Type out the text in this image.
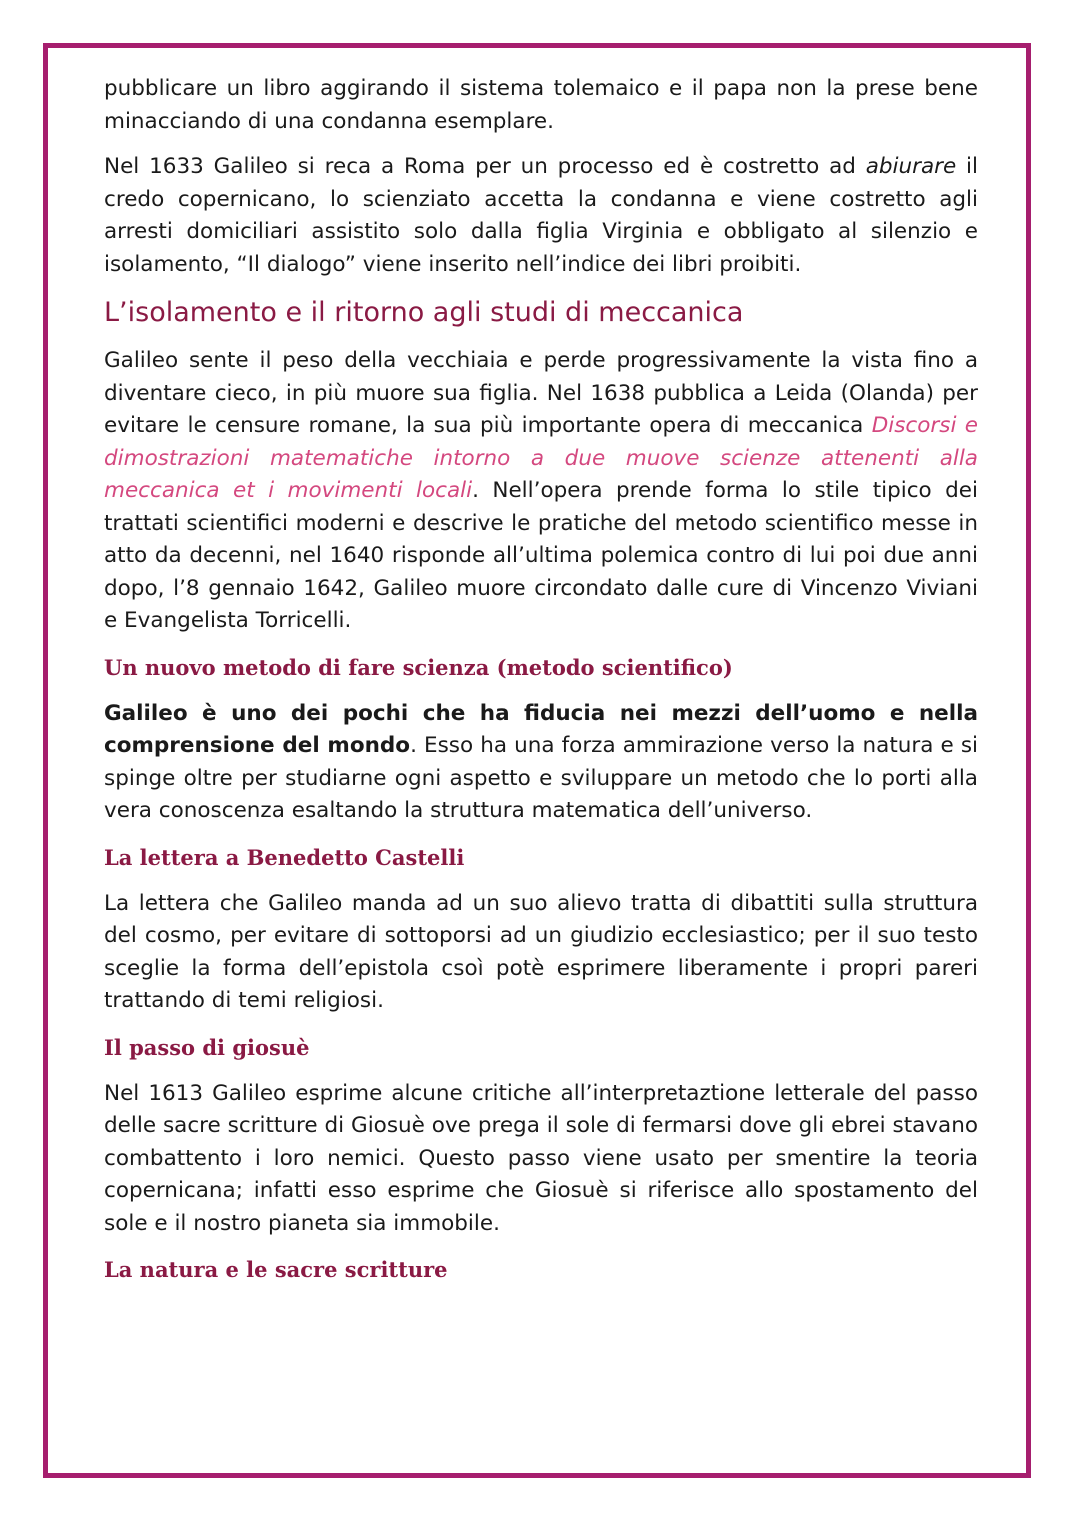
pubblicare un libro aggirando il sistema tolemaico e il papa non la prese bene minacciando di una condanna esemplare.

Nel 1633 Galileo si reca a Roma per un processo ed è costretto ad abiurare il credo copernicano, lo scienziato accetta la condanna e viene costretto agli arresti domiciliari assistito solo dalla figlia Virginia e obbligato al silenzio e isolamento, “Il dialogo” viene inserito nell’indice dei libri proibiti.

L’isolamento e il ritorno agli studi di meccanica

Galileo sente il peso della vecchiaia e perde progressivamente la vista fino a diventare cieco, in più muore sua figlia. Nel 1638 pubblica a Leida (Olanda) per evitare le censure romane, la sua più importante opera di meccanica Discorsi e dimostrazioni matematiche intorno a due muove scienze attenenti alla meccanica et i movimenti locali. Nell’opera prende forma lo stile tipico dei trattati scientifici moderni e descrive le pratiche del metodo scientifico messe in atto da decenni, nel 1640 risponde all’ultima polemica contro di lui poi due anni dopo, l’8 gennaio 1642, Galileo muore circondato dalle cure di Vincenzo Viviani e Evangelista Torricelli.

Un nuovo metodo di fare scienza (metodo scientifico)

Galileo è uno dei pochi che ha fiducia nei mezzi dell’uomo e nella comprensione del mondo. Esso ha una forza ammirazione verso la natura e si spinge oltre per studiarne ogni aspetto e sviluppare un metodo che lo porti alla vera conoscenza esaltando la struttura matematica dell’universo.

La lettera a Benedetto Castelli

La lettera che Galileo manda ad un suo alievo tratta di dibattiti sulla struttura del cosmo, per evitare di sottoporsi ad un giudizio ecclesiastico; per il suo testo sceglie la forma dell’epistola csoì potè esprimere liberamente i propri pareri trattando di temi religiosi.

Il passo di giosuè

Nel 1613 Galileo esprime alcune critiche all’interpretaztione letterale del passo delle sacre scritture di Giosuè ove prega il sole di fermarsi dove gli ebrei stavano combattento i loro nemici. Questo passo viene usato per smentire la teoria copernicana; infatti esso esprime che Giosuè si riferisce allo spostamento del sole e il nostro pianeta sia immobile.

La natura e le sacre scritture
